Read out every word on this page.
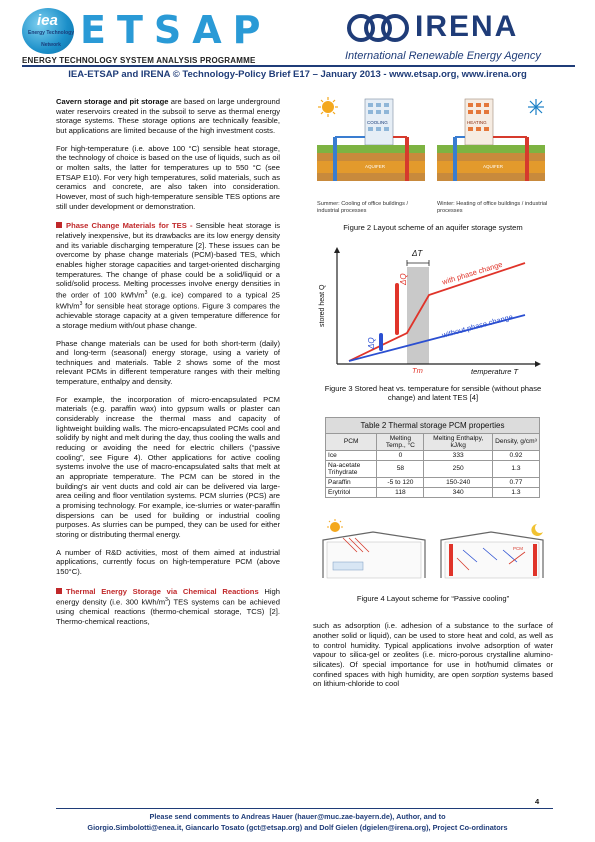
iea
Energy Technology
Network ETSAP
ENERGY TECHNOLOGY SYSTEM ANALYSIS PROGRAMME
IRENA
International Renewable Energy Agency
IEA-ETSAP and IRENA © Technology-Policy Brief E17 – January 2013 - www.etsap.org, www.irena.org

Cavern storage and pit storage are based on large underground water reservoirs created in the subsoil to serve as thermal energy storage systems. These storage options are technically feasible, but applications are limited because of the high investment costs.

For high-temperature (i.e. above 100 °C) sensible heat storage, the technology of choice is based on the use of liquids, such as oil or molten salts, the latter for temperatures up to 550 °C (see ETSAP E10). For very high temperatures, solid materials, such as ceramics and concrete, are also taken into consideration. However, most of such high-temperature sensible TES options are still under development or demonstration.

Phase Change Materials for TES - Sensible heat storage is relatively inexpensive, but its drawbacks are its low energy density and its variable discharging temperature [2]. These issues can be overcome by phase change materials (PCM)-based TES, which enables higher storage capacities and target-oriented discharging temperatures. The change of phase could be a solid/liquid or a solid/solid process. Melting processes involve energy densities in the order of 100 kWh/$m^3$ (e.g. ice) compared to a typical 25 kWh/$m^3$ for sensible heat storage options. Figure 3 compares the achievable storage capacity at a given temperature difference for a storage medium with/out phase change.

Phase change materials can be used for both short-term (daily) and long-term (seasonal) energy storage, using a variety of techniques and materials. Table 2 shows some of the most relevant PCMs in different temperature ranges with their melting temperature, enthalpy and density.

For example, the incorporation of micro-encapsulated PCM materials (e.g. paraffin wax) into gypsum walls or plaster can considerably increase the thermal mass and capacity of lightweight building walls. The micro-encapsulated PCMs cool and solidify by night and melt during the day, thus cooling the walls and reducing or avoiding the need for electric chillers (“passive cooling”, see Figure 4). Other applications for active cooling systems involve the use of macro-encapsulated salts that melt at an appropriate temperature. The PCM can be stored in the building's air vent ducts and cold air can be delivered via large-area ceiling and floor ventilation systems. PCM slurries (PCS) are a promising technology. For example, ice-slurries or water-paraffin dispersions can be used for building or industrial cooling purposes. As slurries can be pumped, they can be used for either storing or distributing thermal energy.

A number of R&D activities, most of them aimed at industrial applications, currently focus on high-temperature PCM (above 150°C).

Thermal Energy Storage via Chemical Reactions High energy density (i.e. 300 kWh/$m^3$) TES systems can be achieved using chemical reactions (thermo-chemical storage, TCS) [2]. Thermo-chemical reactions,

COOLING	HEATING
AQUIFER	AQUIFER
Summer: Cooling of office buildings / industrial processes
Winter: Heating of office buildings / industrial processes
Figure 2 Layout scheme of an aquifer storage system
ΔT
ΔQ
ΔQ
stored heat Q
temperature T
Tm
with phase change
without phase change
Figure 3 Stored heat vs. temperature for sensible (without phase change) and latent TES [4]
Table 2 Thermal storage PCM properties
PCM	Melting Temp., °C	Melting Enthalpy, kJ/kg	Density, g/cm³
Ice	0	333	0.92
Na-acetate Trihydrate	58	250	1.3
Paraffin	-5 to 120	150-240	0.77
Erytritol	118	340	1.3
PCM
Figure 4 Layout scheme for “Passive cooling”

such as adsorption (i.e. adhesion of a substance to the surface of another solid or liquid), can be used to store heat and cold, as well as to control humidity. Typical applications involve adsorption of water vapour to silica-gel or zeolites (i.e. micro-porous crystalline alumino-silicates). Of special importance for use in hot/humid climates or confined spaces with high humidity, are open sorption systems based on lithium-chloride to cool

4
Please send comments to Andreas Hauer (hauer@muc.zae-bayern.de), Author, and to
Giorgio.Simbolotti@enea.it, Giancarlo Tosato (gct@etsap.org) and Dolf Gielen (dgielen@irena.org), Project Co-ordinators
